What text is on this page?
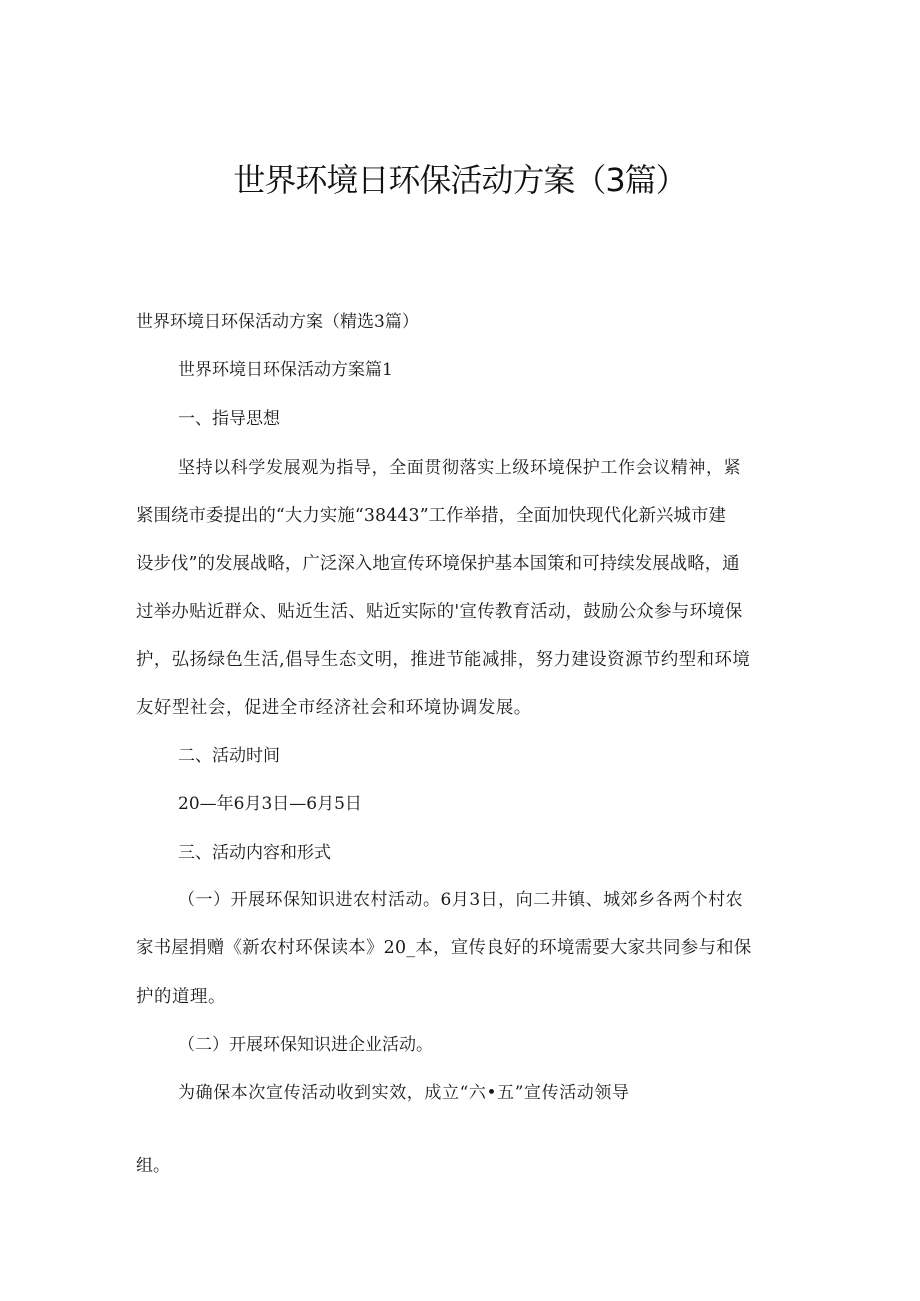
世界环境日环保活动方案（3篇）

世界环境日环保活动方案（精选3篇）

世界环境日环保活动方案篇1

一、指导思想

坚持以科学发展观为指导，全面贯彻落实上级环境保护工作会议精神，紧

紧围绕市委提出的“大力实施“38443”工作举措，全面加快现代化新兴城市建

设步伐”的发展战略，广泛深入地宣传环境保护基本国策和可持续发展战略，通

过举办贴近群众、贴近生活、贴近实际的'宣传教育活动，鼓励公众参与环境保

护，弘扬绿色生活,倡导生态文明，推进节能减排，努力建设资源节约型和环境

友好型社会，促进全市经济社会和环境协调发展。

二、活动时间

20—年6月3日—6月5日

三、活动内容和形式

（一）开展环保知识进农村活动。6月3日，向二井镇、城郊乡各两个村农

家书屋捐赠《新农村环保读本》20_本，宣传良好的环境需要大家共同参与和保

护的道理。

（二）开展环保知识进企业活动。

为确保本次宣传活动收到实效，成立“六•五”宣传活动领导

组。
